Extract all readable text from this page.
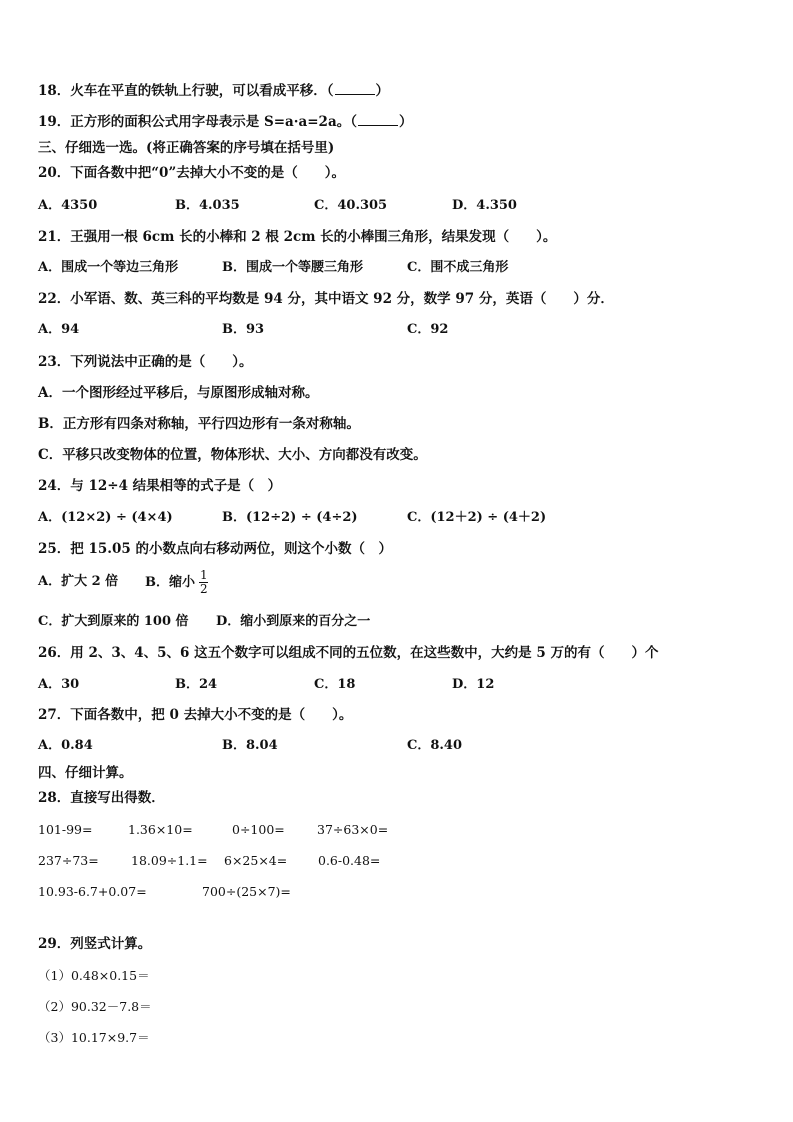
18．火车在平直的铁轨上行驶，可以看成平移．（	）
19．正方形的面积公式用字母表示是 S=a·a=2a。（	）
三、仔细选一选。(将正确答案的序号填在括号里)
20．下面各数中把“0”去掉大小不变的是（　　）。
A．4350	B．4.035	C．40.305	D．4.350
21．王强用一根 6cm 长的小棒和 2 根 2cm 长的小棒围三角形，结果发现（　　）。
A．围成一个等边三角形	B．围成一个等腰三角形	C．围不成三角形
22．小军语、数、英三科的平均数是 94 分，其中语文 92 分，数学 97 分，英语（　　）分．
A．94	B．93	C．92
23．下列说法中正确的是（　　）。
A．一个图形经过平移后，与原图形成轴对称。
B．正方形有四条对称轴，平行四边形有一条对称轴。
C．平移只改变物体的位置，物体形状、大小、方向都没有改变。
24．与 12÷4 结果相等的式子是（　）
A．(12×2) ÷ (4×4)	B．(12÷2) ÷ (4÷2)	C．(12＋2) ÷ (4＋2)
25．把 15.05 的小数点向右移动两位，则这个小数（　）
A．扩大 2 倍 B．缩小 $\frac{1}{2}$
C．扩大到原来的 100 倍 D．缩小到原来的百分之一
26．用 2、3、4、5、6 这五个数字可以组成不同的五位数，在这些数中，大约是 5 万的有（　　）个
A．30	B．24	C．18	D．12
27．下面各数中，把 0 去掉大小不变的是（　　）。
A．0.84	B．8.04	C．8.40
四、仔细计算。
28．直接写出得数．
101-99=	1.36×10=	0÷100=	37÷63×0=
237÷73=	18.09÷1.1= 6×25×4= 0.6-0.48=
10.93-6.7+0.07=	700÷(25×7)=
29．列竖式计算。
（1）0.48×0.15＝
（2）90.32－7.8＝
（3）10.17×9.7＝
